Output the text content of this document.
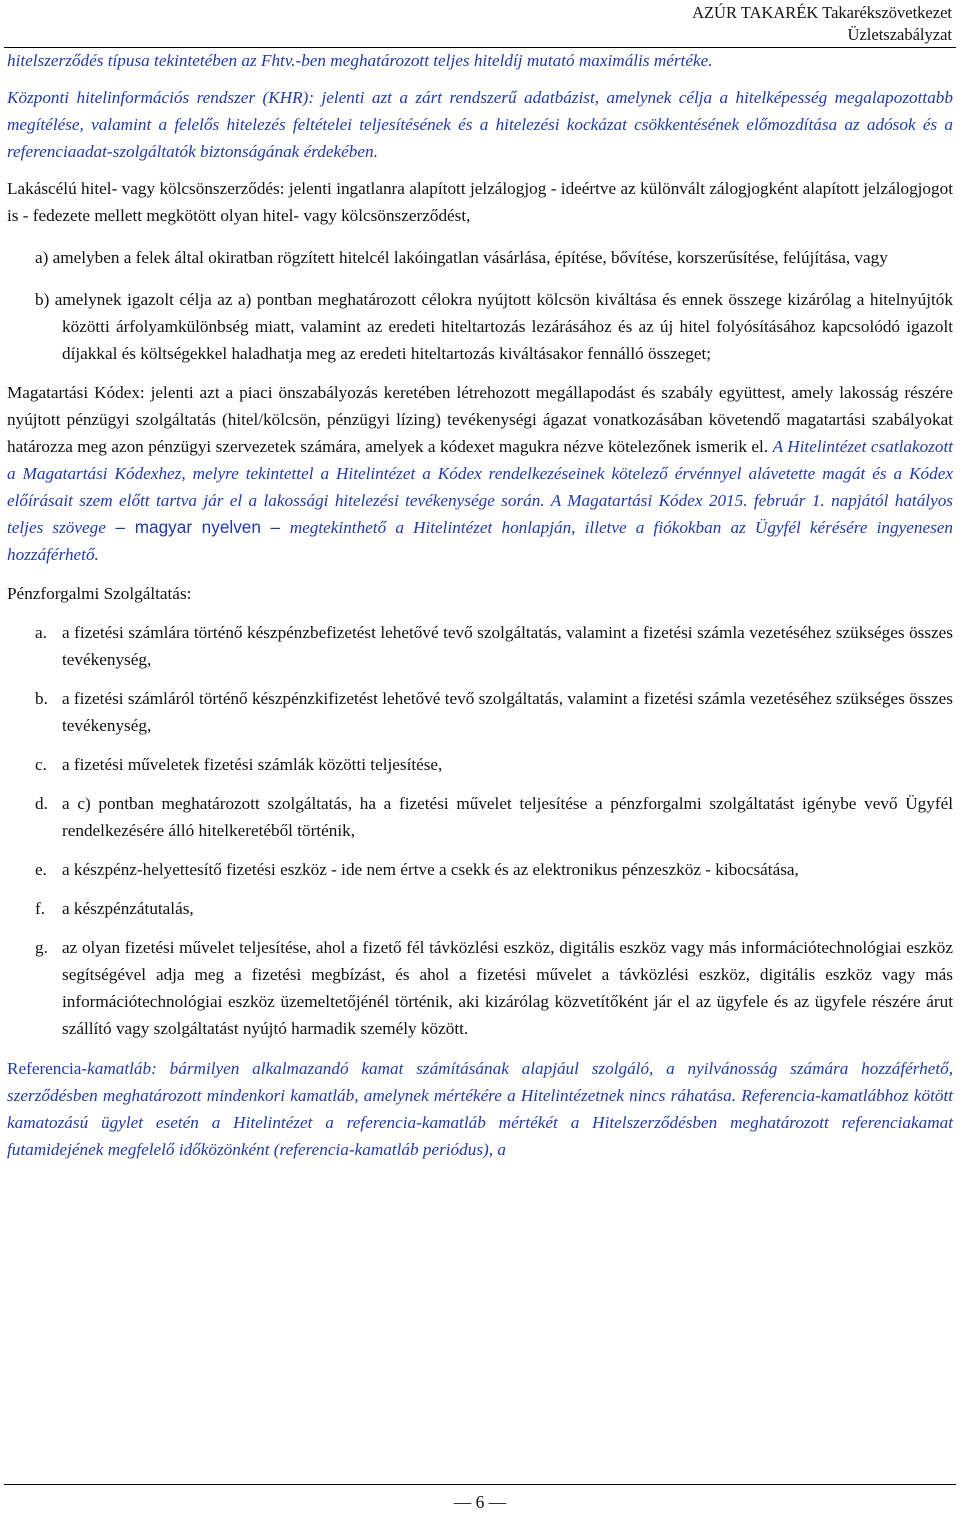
AZÚR TAKARÉK Takarékszövetkezet
Üzletszabályzat

hitelszerződés típusa tekintetében az Fhtv.-ben meghatározott teljes hiteldíj mutató maximális mértéke.

Központi hitelinformációs rendszer (KHR): jelenti azt a zárt rendszerű adatbázist, amelynek célja a hitelképesség megalapozottabb megítélése, valamint a felelős hitelezés feltételei teljesítésének és a hitelezési kockázat csökkentésének előmozdítása az adósok és a referenciaadat-szolgáltatók biztonságának érdekében.

Lakáscélú hitel- vagy kölcsönszerződés: jelenti ingatlanra alapított jelzálogjog - ideértve az különvált zálogjogként alapított jelzálogjogot is - fedezete mellett megkötött olyan hitel- vagy kölcsönszerződést,

a) amelyben a felek által okiratban rögzített hitelcél lakóingatlan vásárlása, építése, bővítése, korszerűsítése, felújítása, vagy

b) amelynek igazolt célja az a) pontban meghatározott célokra nyújtott kölcsön kiváltása és ennek összege kizárólag a hitelnyújtók közötti árfolyamkülönbség miatt, valamint az eredeti hiteltartozás lezárásához és az új hitel folyósításához kapcsolódó igazolt díjakkal és költségekkel haladhatja meg az eredeti hiteltartozás kiváltásakor fennálló összeget;

Magatartási Kódex: jelenti azt a piaci önszabályozás keretében létrehozott megállapodást és szabály együttest, amely lakosság részére nyújtott pénzügyi szolgáltatás (hitel/kölcsön, pénzügyi lízing) tevékenységi ágazat vonatkozásában követendő magatartási szabályokat határozza meg azon pénzügyi szervezetek számára, amelyek a kódexet magukra nézve kötelezőnek ismerik el. A Hitelintézet csatlakozott a Magatartási Kódexhez, melyre tekintettel a Hitelintézet a Kódex rendelkezéseinek kötelező érvénnyel alávetette magát és a Kódex előírásait szem előtt tartva jár el a lakossági hitelezési tevékenysége során. A Magatartási Kódex 2015. február 1. napjától hatályos teljes szövege – magyar nyelven – megtekinthető a Hitelintézet honlapján, illetve a fiókokban az Ügyfél kérésére ingyenesen hozzáférhető.

Pénzforgalmi Szolgáltatás:

a. a fizetési számlára történő készpénzbefizetést lehetővé tevő szolgáltatás, valamint a fizetési számla vezetéséhez szükséges összes tevékenység,
b. a fizetési számláról történő készpénzkifizetést lehetővé tevő szolgáltatás, valamint a fizetési számla vezetéséhez szükséges összes tevékenység,
c. a fizetési műveletek fizetési számlák közötti teljesítése,
d. a c) pontban meghatározott szolgáltatás, ha a fizetési művelet teljesítése a pénzforgalmi szolgáltatást igénybe vevő Ügyfél rendelkezésére álló hitelkeretéből történik,
e. a készpénz-helyettesítő fizetési eszköz - ide nem értve a csekk és az elektronikus pénzeszköz - kibocsátása,
f. a készpénzátutalás,
g. az olyan fizetési művelet teljesítése, ahol a fizető fél távközlési eszköz, digitális eszköz vagy más információtechnológiai eszköz segítségével adja meg a fizetési megbízást, és ahol a fizetési művelet a távközlési eszköz, digitális eszköz vagy más információtechnológiai eszköz üzemeltetőjénél történik, aki kizárólag közvetítőként jár el az ügyfele és az ügyfele részére árut szállító vagy szolgáltatást nyújtó harmadik személy között.

Referencia-kamatláb: bármilyen alkalmazandó kamat számításának alapjául szolgáló, a nyilvánosság számára hozzáférhető, szerződésben meghatározott mindenkori kamatláb, amelynek mértékére a Hitelintézetnek nincs ráhatása. Referencia-kamatlábhoz kötött kamatozású ügylet esetén a Hitelintézet a referencia-kamatláb mértékét a Hitelszerződésben meghatározott referenciakamat futamidejének megfelelő időközönként (referencia-kamatláb periódus), a

— 6 —
